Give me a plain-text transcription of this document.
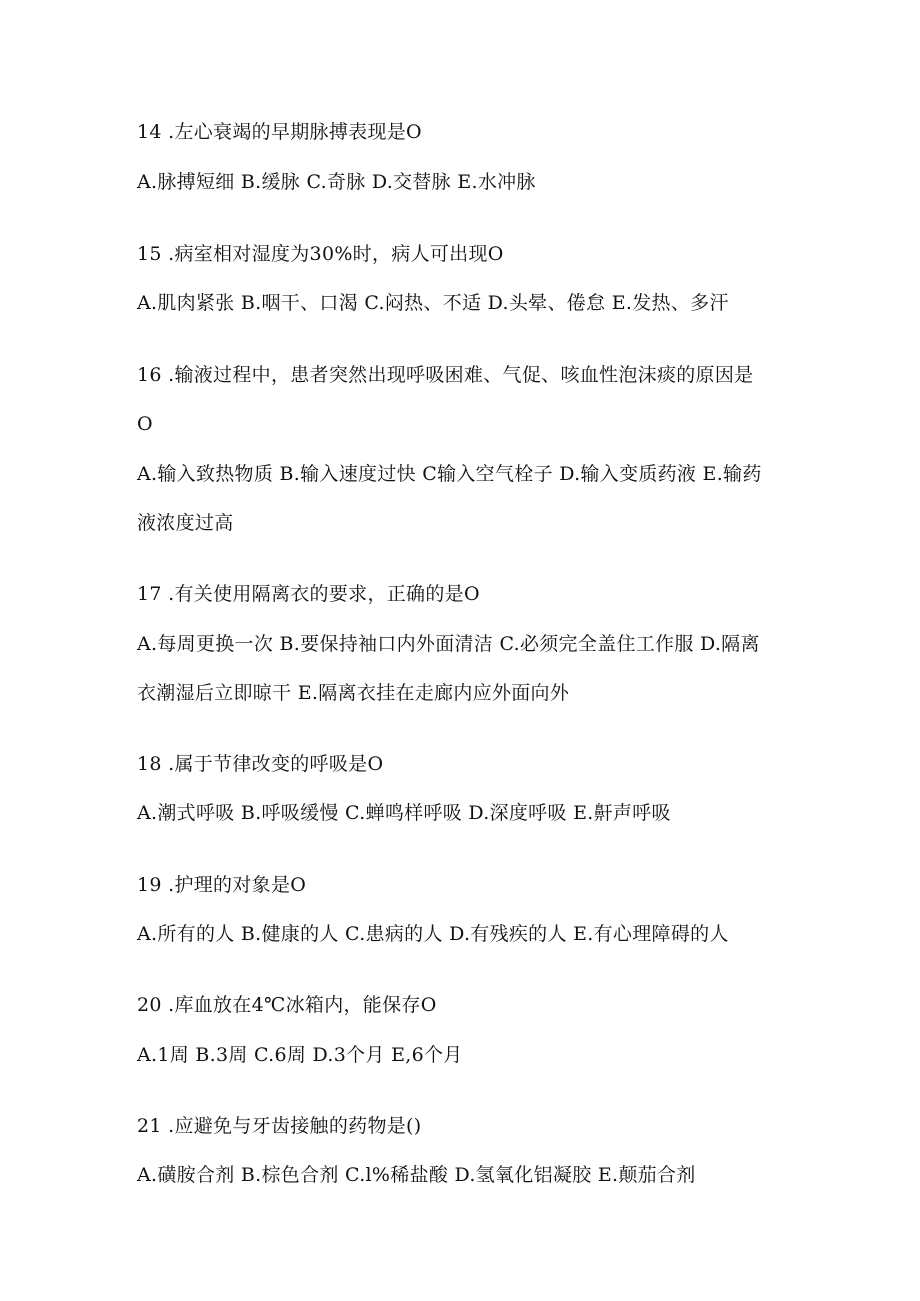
14 .左心衰竭的早期脉搏表现是O
A.脉搏短细 B.缓脉 C.奇脉 D.交替脉 E.水冲脉
15 .病室相对湿度为30%时，病人可出现O
A.肌肉紧张 B.咽干、口渴 C.闷热、不适 D.头晕、倦怠 E.发热、多汗
16 .输液过程中，患者突然出现呼吸困难、气促、咳血性泡沫痰的原因是
O
A.输入致热物质 B.输入速度过快 C输入空气栓子 D.输入变质药液 E.输药
液浓度过高
17 .有关使用隔离衣的要求，正确的是O
A.每周更换一次 B.要保持袖口内外面清洁 C.必须完全盖住工作服 D.隔离
衣潮湿后立即晾干 E.隔离衣挂在走廊内应外面向外
18 .属于节律改变的呼吸是O
A.潮式呼吸 B.呼吸缓慢 C.蝉鸣样呼吸 D.深度呼吸 E.鼾声呼吸
19 .护理的对象是O
A.所有的人 B.健康的人 C.患病的人 D.有残疾的人 E.有心理障碍的人
20 .库血放在4℃冰箱内，能保存O
A.1周 B.3周 C.6周 D.3个月 E,6个月
21 .应避免与牙齿接触的药物是()
A.磺胺合剂 B.棕色合剂 C.l%稀盐酸 D.氢氧化铝凝胶 E.颠茄合剂
